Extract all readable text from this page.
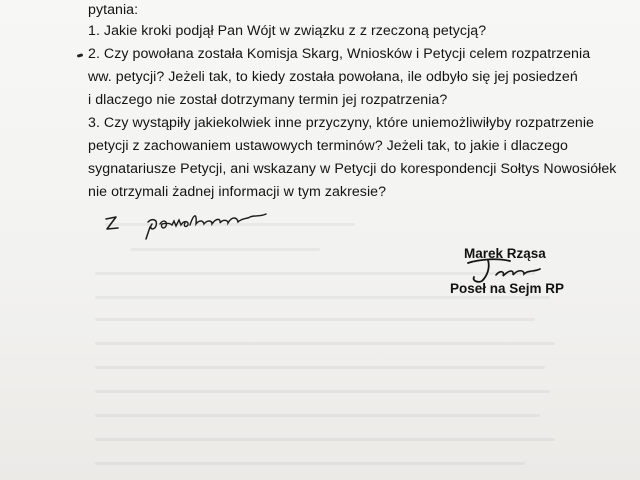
pytania:
1. Jakie kroki podjął Pan Wójt w związku z z rzeczoną petycją?
2. Czy powołana została Komisja Skarg, Wniosków i Petycji celem rozpatrzenia
ww. petycji? Jeżeli tak, to kiedy została powołana, ile odbyło się jej posiedzeń
i dlaczego nie został dotrzymany termin jej rozpatrzenia?
3. Czy wystąpiły jakiekolwiek inne przyczyny, które uniemożliwiłyby rozpatrzenie
petycji z zachowaniem ustawowych terminów? Jeżeli tak, to jakie i dlaczego
sygnatariusze Petycji, ani wskazany w Petycji do korespondencji Sołtys Nowosiółek
nie otrzymali żadnej informacji w tym zakresie?
Marek Rząsa
Poseł na Sejm RP
